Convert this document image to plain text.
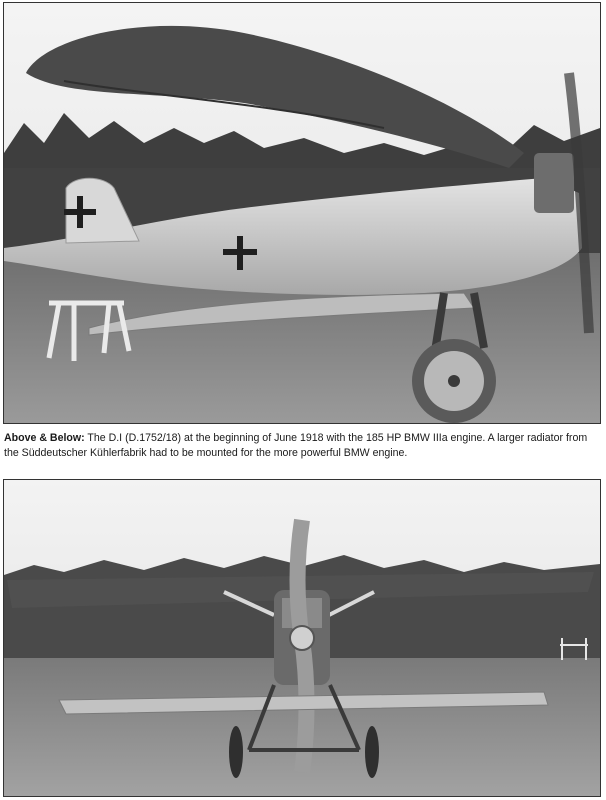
Above & Below: The D.I (D.1752/18) at the beginning of June 1918 with the 185 HP BMW IIIa engine. A larger radiator from the Süddeutscher Kühlerfabrik had to be mounted for the more powerful BMW engine.
